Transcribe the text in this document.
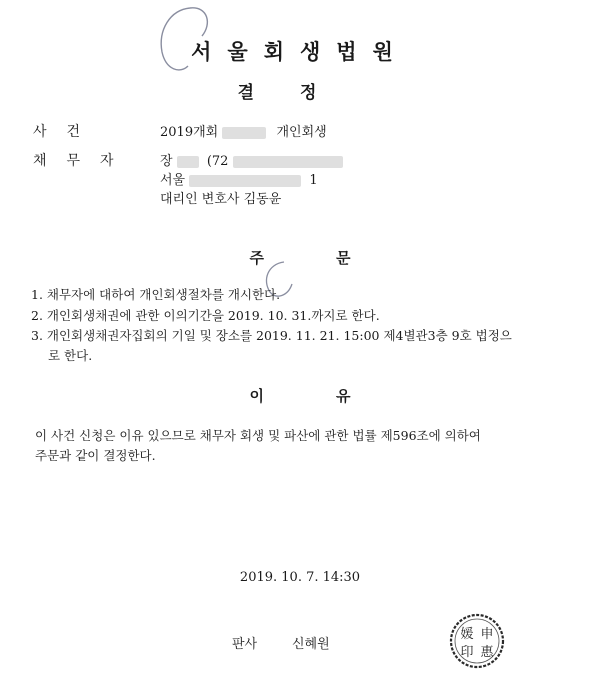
서울회생법원
결정
사건	2019개회	개인회생
채무자 장	(72
서울	1
대리인 변호사 김동윤
주문
1. 채무자에 대하여 개인회생절차를 개시한다.
2. 개인회생채권에 관한 이의기간을 2019. 10. 31.까지로 한다.
3. 개인회생채권자집회의 기일 및 장소를 2019. 11. 21. 15:00 제4별관3층 9호 법정으
로 한다.
이유
이 사건 신청은 이유 있으므로 채무자 회생 및 파산에 관한 법률 제596조에 의하여
주문과 같이 결정한다.
2019. 10. 7. 14:30
판사	신혜원
媛 申
印 惠
